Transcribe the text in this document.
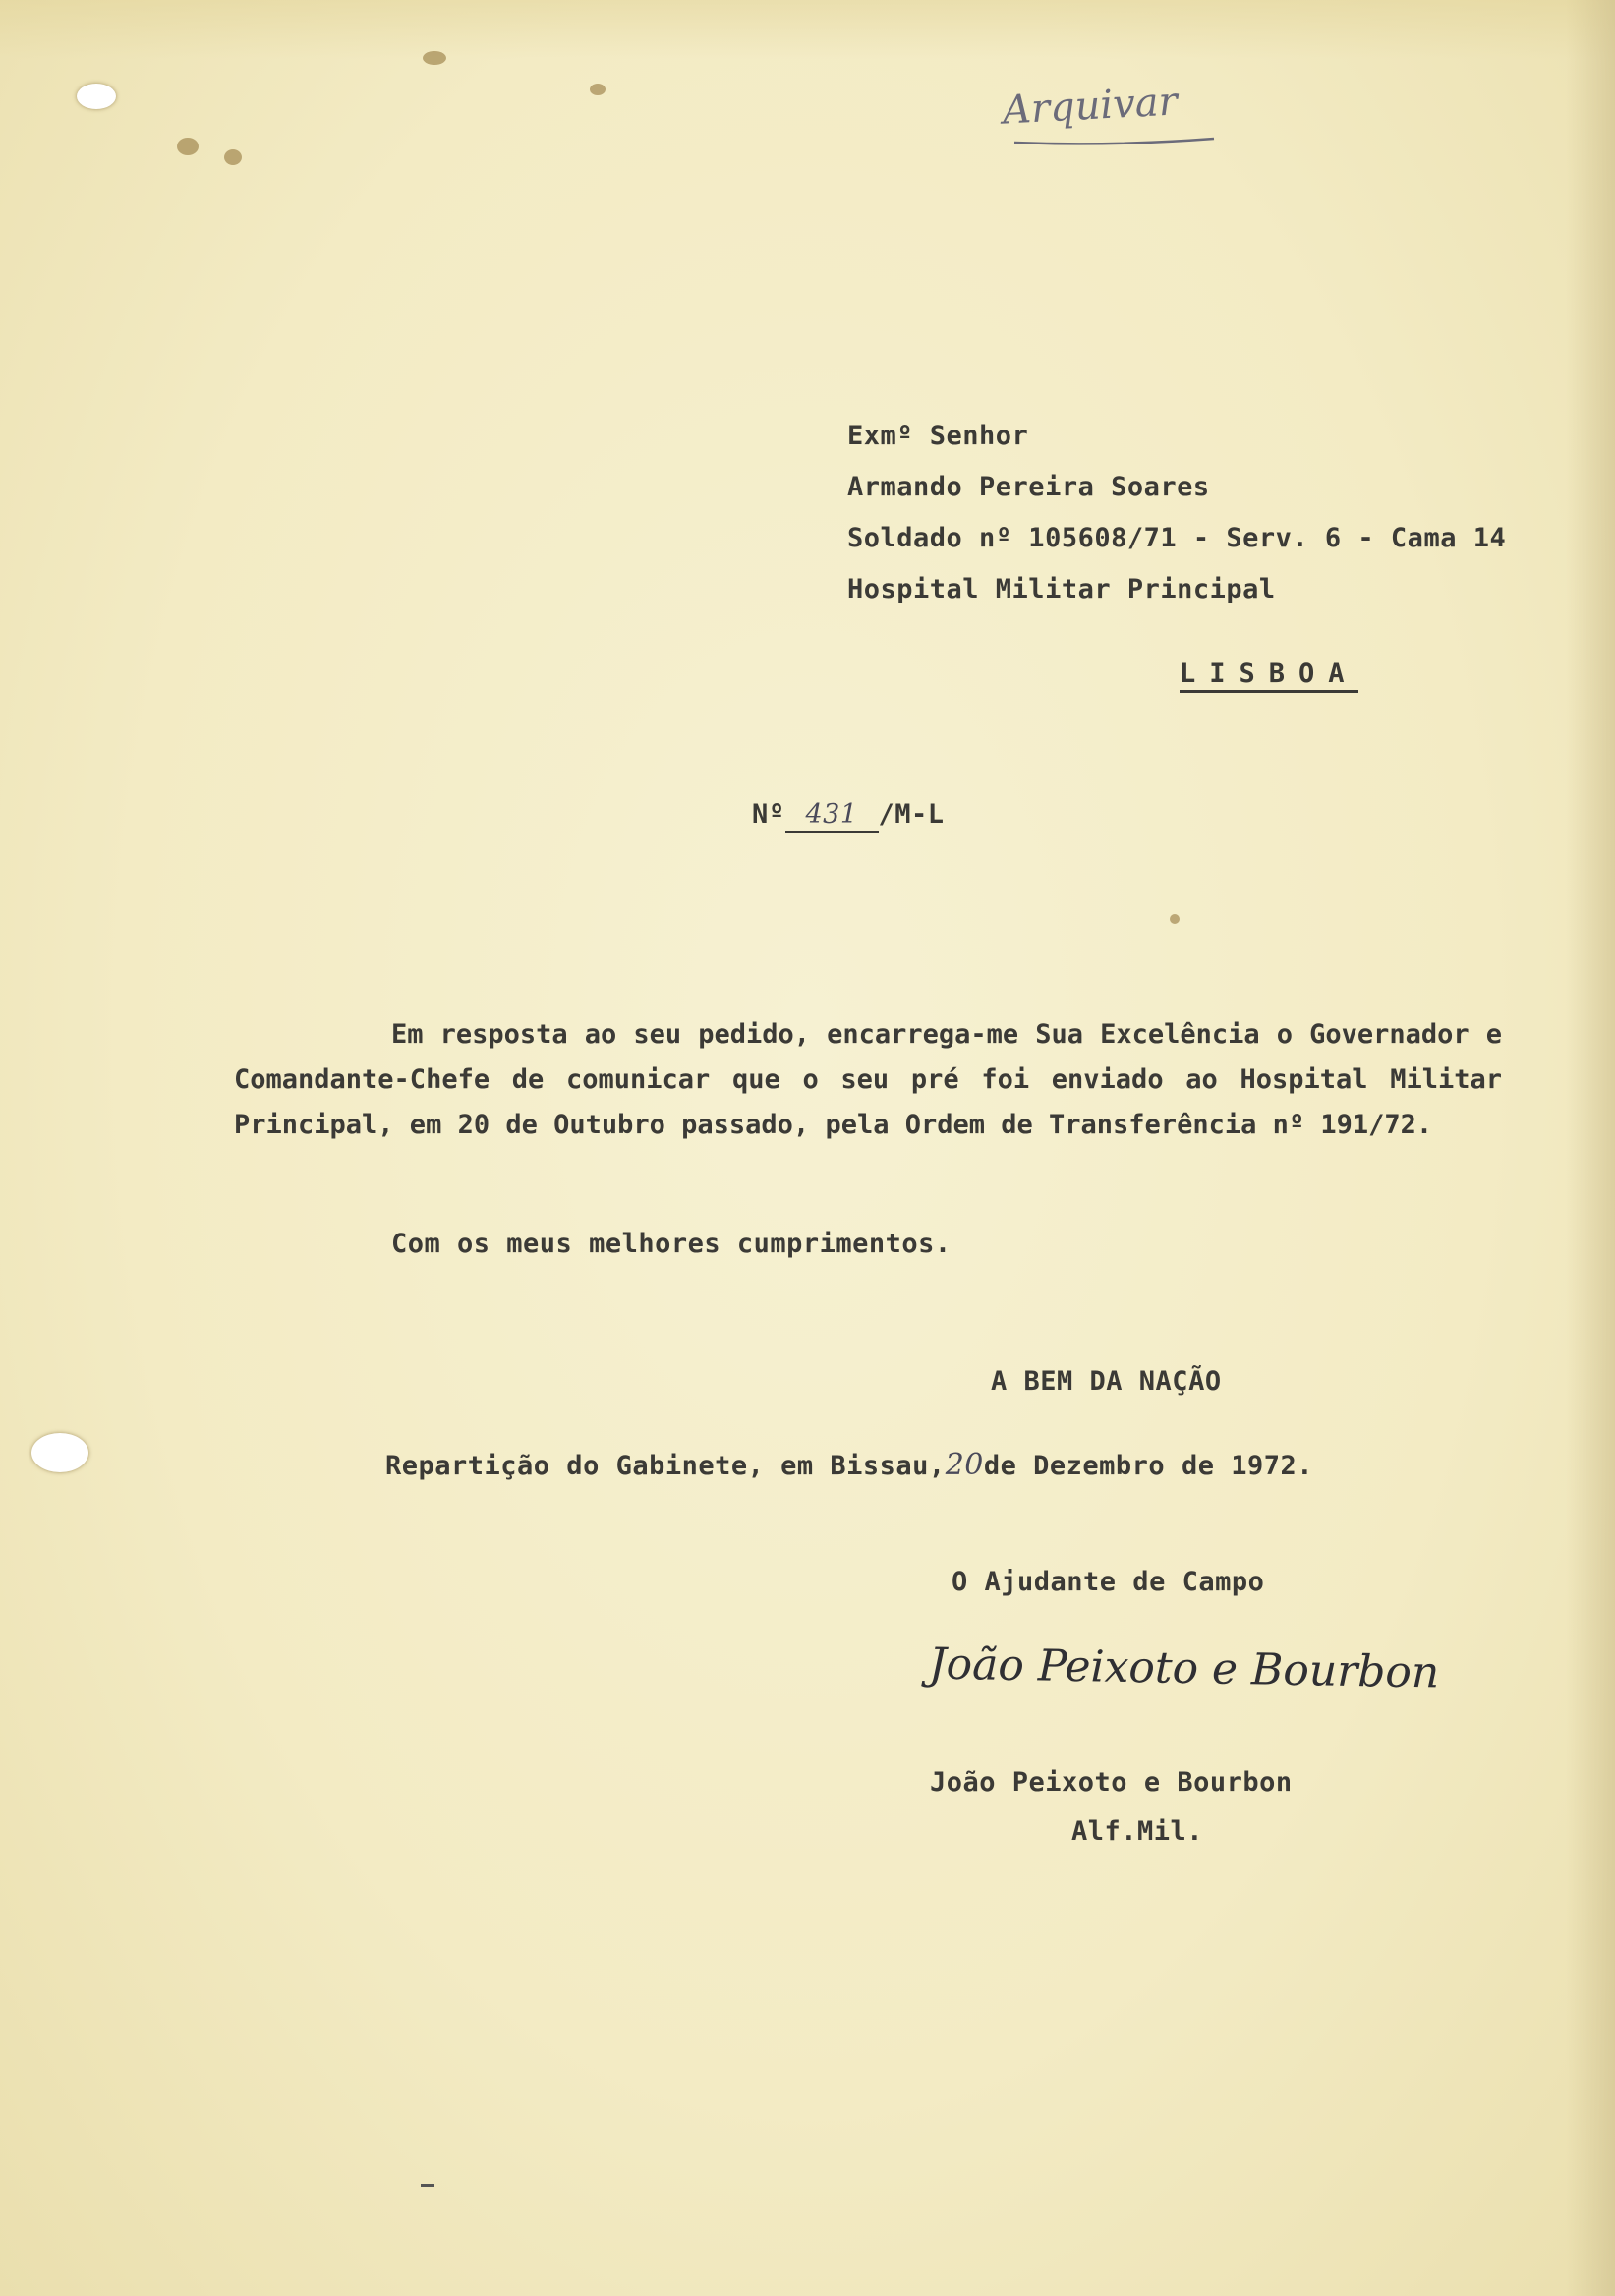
Arquivar
Exmº Senhor
Armando Pereira Soares
Soldado nº 105608/71 - Serv. 6 - Cama 14
Hospital Militar Principal
LISBOA
Nº 431 /M-L
Em resposta ao seu pedido, encarrega-me Sua Excelência o Governador e Comandante-Chefe de comunicar que o seu pré foi enviado ao Hospital Militar Principal, em 20 de Outubro passado, pela Ordem de Transferência nº 191/72.
Com os meus melhores cumprimentos.
A BEM DA NAÇÃO
Repartição do Gabinete, em Bissau,20de Dezembro de 1972.
O Ajudante de Campo
João Peixoto e Bourbon
João Peixoto e Bourbon
Alf.Mil.
